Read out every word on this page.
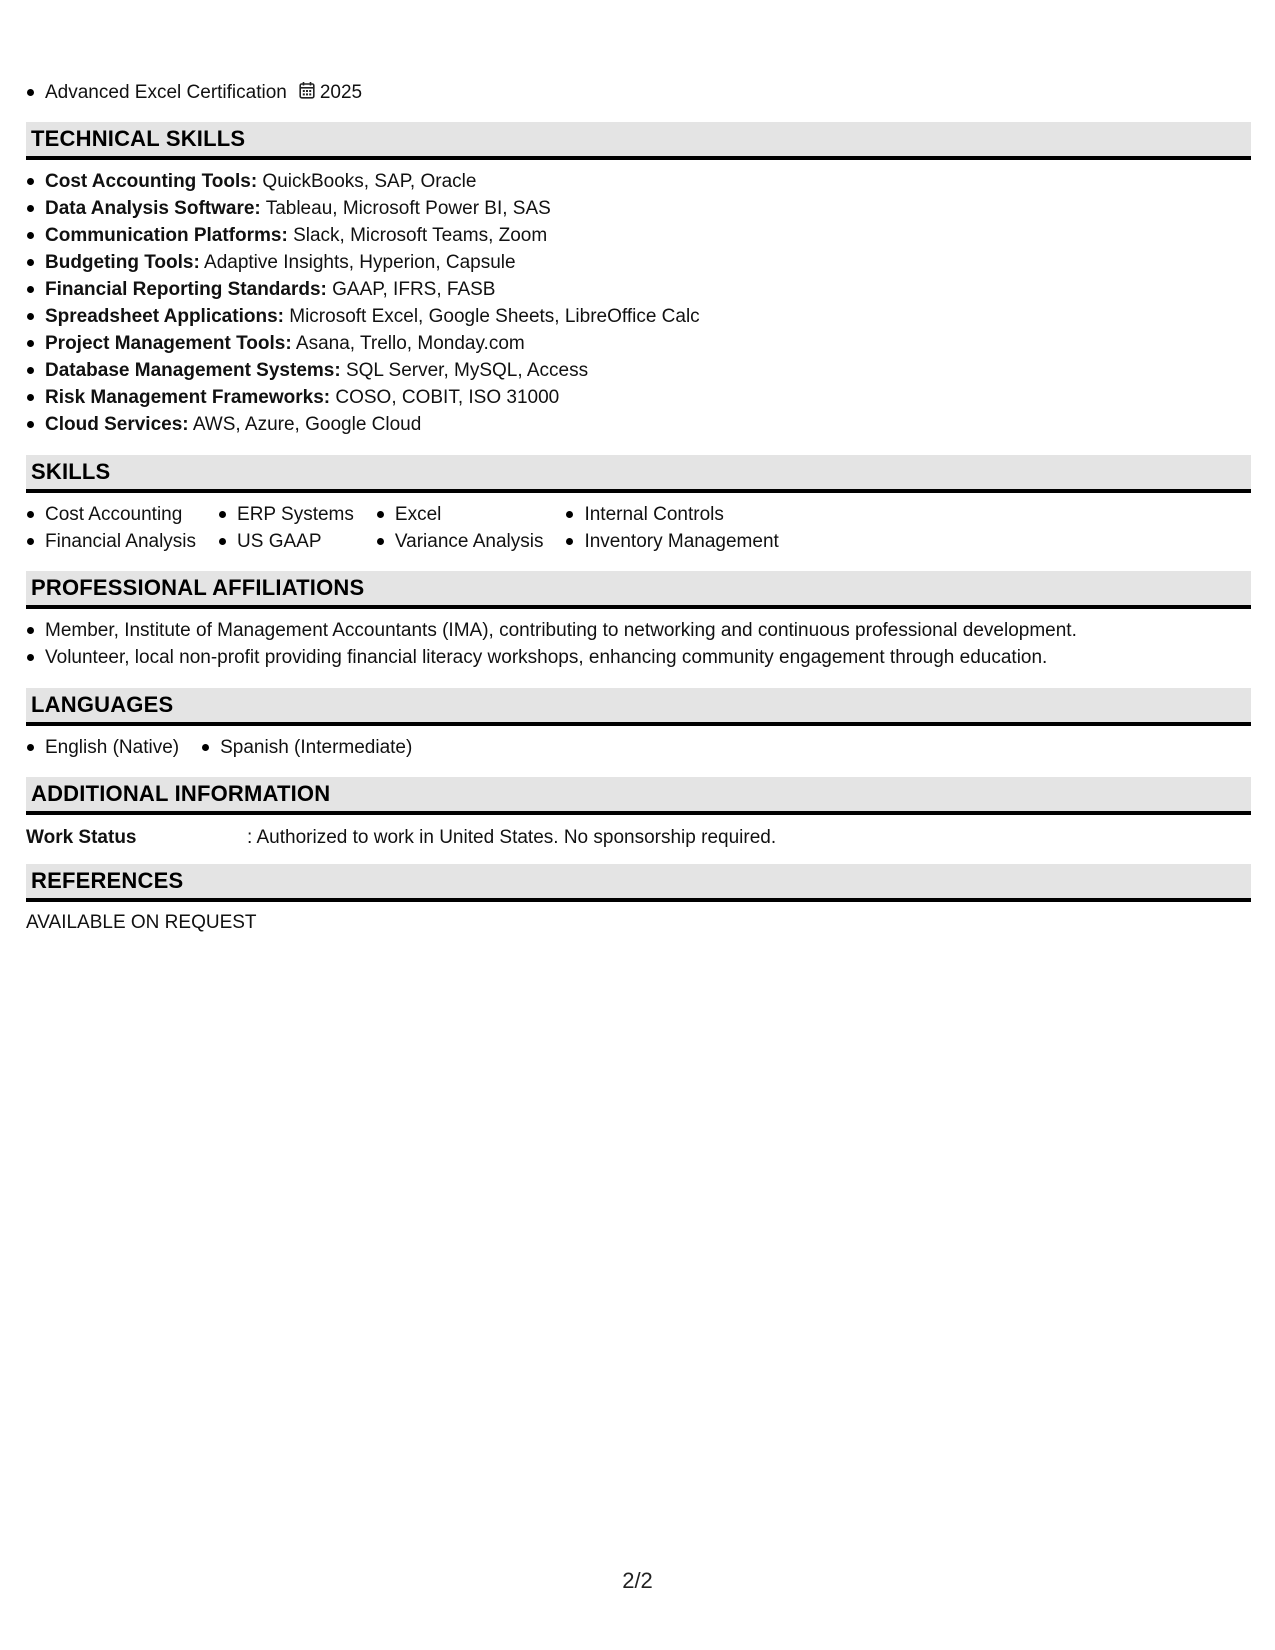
Advanced Excel Certification 2025
TECHNICAL SKILLS
Cost Accounting Tools: QuickBooks, SAP, Oracle
Data Analysis Software: Tableau, Microsoft Power BI, SAS
Communication Platforms: Slack, Microsoft Teams, Zoom
Budgeting Tools: Adaptive Insights, Hyperion, Capsule
Financial Reporting Standards: GAAP, IFRS, FASB
Spreadsheet Applications: Microsoft Excel, Google Sheets, LibreOffice Calc
Project Management Tools: Asana, Trello, Monday.com
Database Management Systems: SQL Server, MySQL, Access
Risk Management Frameworks: COSO, COBIT, ISO 31000
Cloud Services: AWS, Azure, Google Cloud
SKILLS
Cost Accounting
Financial Analysis
ERP Systems
US GAAP
Excel
Variance Analysis
Internal Controls
Inventory Management
PROFESSIONAL AFFILIATIONS
Member, Institute of Management Accountants (IMA), contributing to networking and continuous professional development.
Volunteer, local non-profit providing financial literacy workshops, enhancing community engagement through education.
LANGUAGES
English (Native) Spanish (Intermediate)
ADDITIONAL INFORMATION
Work Status	: Authorized to work in United States. No sponsorship required.
REFERENCES
AVAILABLE ON REQUEST
2/2
